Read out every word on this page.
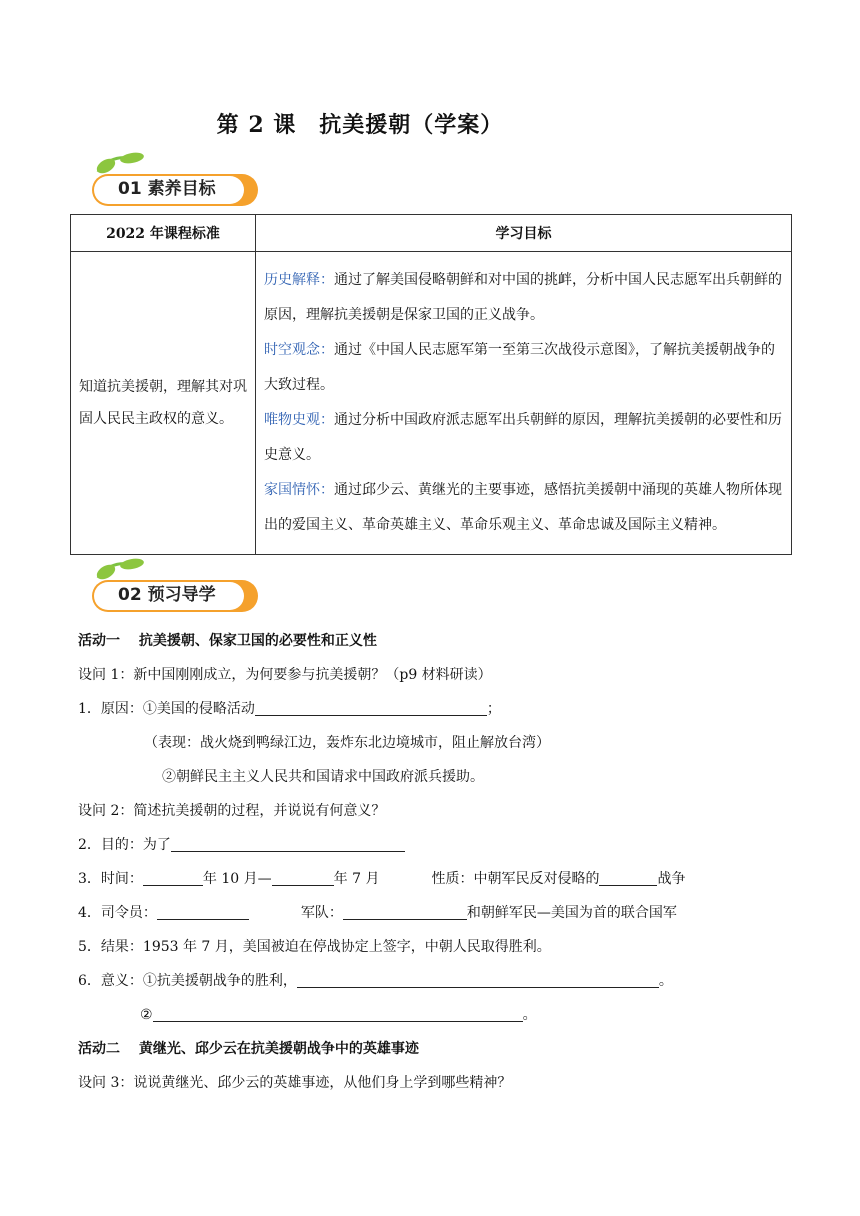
第 2 课　抗美援朝（学案）
01 素养目标
2022 年课程标准	学习目标
知道抗美援朝，理解其对巩固人民民主政权的意义。	历史解释：通过了解美国侵略朝鲜和对中国的挑衅，分析中国人民志愿军出兵朝鲜的原因，理解抗美援朝是保家卫国的正义战争。
时空观念：通过《中国人民志愿军第一至第三次战役示意图》，了解抗美援朝战争的大致过程。
唯物史观：通过分析中国政府派志愿军出兵朝鲜的原因，理解抗美援朝的必要性和历史意义。
家国情怀：通过邱少云、黄继光的主要事迹，感悟抗美援朝中涌现的英雄人物所体现出的爱国主义、革命英雄主义、革命乐观主义、革命忠诚及国际主义精神。
02 预习导学
活动一　 抗美援朝、保家卫国的必要性和正义性
设问 1：新中国刚刚成立，为何要参与抗美援朝？（p9 材料研读）
1．原因：①美国的侵略活动	；
（表现：战火烧到鸭绿江边，轰炸东北边境城市，阻止解放台湾）
②朝鲜民主主义人民共和国请求中国政府派兵援助。
设问 2：简述抗美援朝的过程，并说说有何意义？
2．目的：为了
3．时间：	年 10 月—	年 7 月	性质：中朝军民反对侵略的	战争
4．司令员：	军队：	和朝鲜军民—美国为首的联合国军
5．结果：1953 年 7 月，美国被迫在停战协定上签字，中朝人民取得胜利。
6．意义：①抗美援朝战争的胜利，	。
②	。
活动二　 黄继光、邱少云在抗美援朝战争中的英雄事迹
设问 3：说说黄继光、邱少云的英雄事迹，从他们身上学到哪些精神？
